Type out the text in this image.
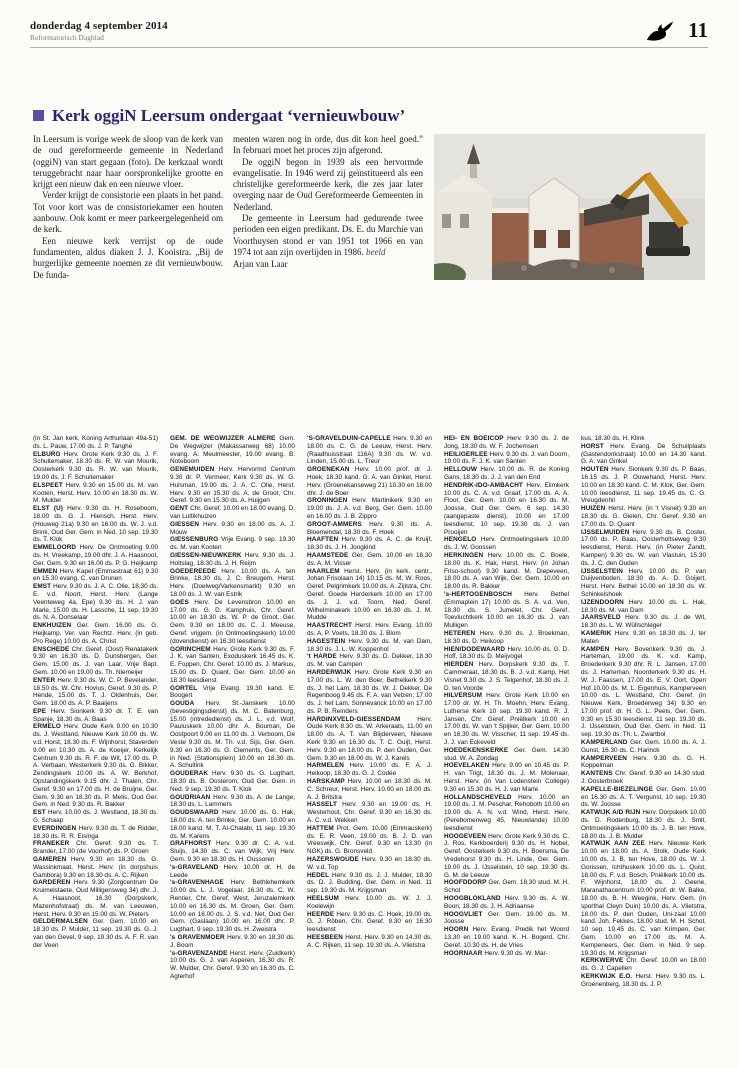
donderdag 4 september 2014
Reformatorisch Dagblad	11
Kerk oggiN Leersum ondergaat ‘vernieuwbouw’

In Leersum is vorige week de sloop van de kerk van de oud gereformeerde gemeente in Nederland (oggiN) van start gegaan (foto). De kerkzaal wordt teruggebracht naar haar oorspronkelijke grootte en krijgt een nieuw dak en een nieuwe vloer.

Verder krijgt de consistorie een plaats in het pand. Tot voor kort was de consistoriekamer een houten aanbouw. Ook komt er meer parkeergelegenheid om de kerk.

Een nieuwe kerk verrijst op de oude fundamenten, aldus diaken J. J. Kooistra. „Bij de burgerlijke gemeente noemen ze dit vernieuwbouw. De funda-

menten waren nog in orde, dus dit kon heel goed.” In februari moet het proces zijn afgerond.

De oggiN begon in 1939 als een hervormde evangelisatie. In 1946 werd zij geïnstitueerd als een christelijke gereformeerde kerk, die zes jaar later overging naar de Oud Gereformeerde Gemeenten in Nederland.

De gemeente in Leersum had gedurende twee perioden een eigen predikant. Ds. E. du Marchie van Voorthuysen stond er van 1951 tot 1966 en van 1974 tot aan zijn overlijden in 1986. beeld

Arjan van Laar
(in St. Jan kerk, Koning Arthurlaan 49a-51) ds. L. Pauw, 17.00 ds. J. P. Tanghé
ELBURG Herv. Grote Kerk 9.30 ds. J. F. Schuitemaker, 18.30 ds. R. W. van Mourik, Oosterkerk 9.30 ds. R. W. van Mourik, 19.00 ds. J. F. Schuitemaker
ELSPEET Herv. 9.30 en 15.00 ds. M. van Kooten, Herst. Herv. 10.00 en 18.30 ds. W. M. Mulder
ELST (U) Herv. 9.30 ds. H. Roseboom, 18.00 ds. G. J. Hiensch, Herst. Herv. (Houweg 21a) 9.30 en 16.00 ds. W. J. v.d. Brink, Oud Ger. Gem. in Ned. 10 sep. 19.30 ds. T. Klok
EMMELOORD Herv. De Ontmoeting 9.00 ds. H. Vreekamp, 19.00 dhr. J. A. Haasnoot, Ger. Gem. 9.30 en 16.00 ds. P. G. Heijkamp
EMMEN Herv. Kapel (Emmastraat 61) 9.30 en 15.30 evang. C. van Drunen
EMST Herv. 9.30 ds. J. A. C. Olie, 18.30 ds. E. v.d. Noort, Herst. Herv. (Lange Veenteweg 4a, Epe) 9.30 ds. H. J. van Marle, 15.00 ds. H. Lassche, 11 sep. 19.30 ds. N. A. Donselaar
ENKHUIZEN Ger. Gem. 16.00 ds. G. Heijkamp, Ver. van Rechtz. Herv. (in geb. Pro Rege) 10.00 ds. A. Christ
ENSCHEDE Chr. Geref. (Oost) Renatakerk 9.30 en 16.30 ds. D. Dunsbergen, Ger. Gem. 15.00 ds. J. van Laar, Vrije Bapt. Gem. 10.00 en 19.00 ds. Th. Niemeijer
ENTER Herv. 9.30 ds. W. C. P. Bevelander, 18.50 ds. W. Chr. Hovius, Geref. 9.30 ds. P. Hende, 15.00 ds. T. J. Oldenhuis, Ger. Gem. 18.00 ds. A. P. Baaijens
EPE Herv. Sionkerk 9.30 dr. T. E. van Spanje, 18.30 ds. A. Baas
ERMELO Herv. Oude Kerk 9.00 en 10.30 ds. J. Westland, Nieuwe Kerk 10.00 ds. W. v.d. Horst, 18.30 ds. F. Wijnhorst, Staverden 9.00 en 10.30 ds. A. de Koeijer, Kerkelijk Centrum 9.30 ds. R. F. de Wit, 17.00 ds. P. A. Verbaan, Westerkerk 9.30 ds. G. Bikker, Zendingskerk 10.00 ds. A. W. Berkhof, Opstandingskerk 9.15 dhr. J. Thalen, Chr. Geref. 9.30 en 17.00 ds. H. de Bruijne, Ger. Gem. 9.30 en 18.30 ds. P. Melis, Oud Ger. Gem. in Ned. 9.30 ds. R. Bakker
EST Herv. 10.00 ds. J. Westland, 18.30 ds. G. Schaap
EVERDINGEN Herv. 9.30 ds. T. de Ridder, 18.30 ds. R. R. Eisinga
FRANEKER Chr. Geref. 9.30 ds. T. Brander, 17.00 (de Voorhof) ds. P. Groen
GAMEREN Herv. 9.30 en 18.30 ds. G. Wassinkmaat, Herst. Herv. (in dorpshuis Gambora) 9.30 en 18.30 ds. A. C. Rijken
GARDEREN Herv. 9.30 (Zorgcentrum De Kruimelstaete, Oud Milligensweg 34) dhr. J. A. Haasnoot, 16.30 (Dorpskerk, Mazenhofstraat) ds. M. van Leeuwen, Herst. Herv. 9.30 en 15.00 ds. W. Pieters
GELDERMALSEN Ger. Gem. 10.00 en 18.30 ds. P. Mulder, 11 sep. 19.30 ds. G. J. van den Gevel, 9 sep. 19.30 ds. A. F. R. van der Veen
GEM. DE WEGWIJZER ALMERE Gem. De Wegwijzer (Makassarweg 68) 10.00 evang. A. Meulmeester, 19.00 evang. B. Noteboom
GENEMUIDEN Herv. Hervormd Centrum 9.30 dr. P. Vermeer, Kerk 9.30 ds. W. G. Hulsman, 19.00 ds. J. A. C. Olie, Herst. Herv. 9.30 en 15.30 ds. A. de Groot, Chr. Geref. 9.30 en 15.30 ds. A. Huijgen
GENT Chr. Geref. 10.00 en 18.00 evang. D. van Luttikhuizen
GIESSEN Herv. 9.30 en 18.00 ds. A. J. Mouw
GIESSENBURG Vrije Evang. 9 sep. 19.30 ds. M. van Kooten
GIESSEN-NIEUWKERK Herv. 9.30 ds. J. Holtslag, 18.30 ds. J. H. Reijm
GOEDEREEDE Herv. 10.00 ds. A. ten Brinke, 18.30 ds. J. C. Breugem, Herst. Herv. (Doelweg/Varkensmarkt) 9.30 en 18.00 ds. J. W. van Estrik
GOES Herv. De Levensbron 10.00 en 17.00 ds. G. D. Kamphuis, Chr. Geref. 10.00 en 18.30 ds. W. P. de Groot, Ger. Gem. 9.30 en 18.00 ds. C. J. Meeuse, Geref. vrijgem. (in Ontmoetingskerk) 10.00 (dovendienst) en 16.30 leesdienst
GORINCHEM Herv. Grote Kerk 9.30 ds. F. J. K. van Santen, Exoduskerk 16.45 ds. K. E. Foppen, Chr. Geref. 10.00 ds. J. Markus, 15.00 ds. D. Quant, Ger. Gem. 10.00 en 18.30 leesdienst
GORTEL Vrije Evang. 19.30 kand. E. Boogert
GOUDA Herv. St.-Janskerk 10.00 (bevestigingsdienst) ds. M. C. Batenburg, 15.00 (intrededienst) ds. J. L. v.d. Wolf, Pauluskerk 10.00 dhr. A. Bouman, De Oostpoort 9.00 en 11.00 ds. J. Verboom, De Veste 9.30 ds. M. Th. v.d. Sijs, Ger. Gem. 9.30 en 16.30 ds. G. Clements, Ger. Gem. in Ned. (Stationsplein) 10.00 en 18.30 ds. A. Schultink
GOUDERAK Herv. 9.30 ds. G. Lugthart, 18.30 ds. B. Oosterom, Oud Ger. Gem. in Ned. 9 sep. 19.30 ds. T. Klok
GOUDRIAAN Herv. 9.30 ds. A. de Lange, 18.30 ds. L. Lammers
GOUDSWAARD Herv. 10.00 ds. G. Hak, 18.00 ds. A. ten Brinke, Ger. Gem. 10.00 en 18.00 kand. M. T. Al-Chalabi, 11 sep. 19.30 ds. M. Karens
GRAFHORST Herv. 9.30 dr. C. A. v.d. Sluijs, 14.30 ds. C. van Wijk, Vrij Herv. Gem. 9.30 en 18.30 ds. H. Oussoren
's-GRAVELAND Herv. 10.00 dr. H. de Leede
's-GRAVENHAGE Herv. Bethlehemkerk 10.00 ds. L. J. Vogelaar, 16.30 ds. C. W. Rentier, Chr. Geref. West, Jeruzalemkerk 10.00 en 16.30 ds. M. Groen, Ger. Gem. 10.00 en 16.00 ds. J. S. v.d. Net, Oud Ger. Gem. (Gaslaan) 10.00 en 16.00 dhr. P. Lugthart, 9 sep. 19.30 ds. H. Zweistra
's GRAVENMOER Herv. 9.30 en 18.30 ds. J. Boom
's-GRAVENZANDE Herst. Herv. (Zuidkerk) 10.00 ds. G. J. van Asperen, 16.30 ds. R. W. Mulder, Chr. Geref. 9.30 en 16.30 ds. C. Agterhof
'S-GRAVELDUIN-CAPELLE Herv. 9.30 en 18.00 ds. C. G. de Leeuw, Herst. Herv. (Raadhuisstraat 116A) 9.30 ds. W. v.d. Linden, 15.00 ds. L. Treur
GROENEKAN Herv. 10.00 prof. dr. J. Hoek, 18.30 kand. G. A. van Ginkel, Herst. Herv. (Groenekanseweg 21) 10.30 en 18.00 dhr. J. de Boer
GRONINGEN Herv. Martinikerk 9.30 en 19.00 ds. J. A. v.d. Berg, Ger. Gem. 10.00 en 16.00 ds. J. B. Zippro
GROOT-AMMERS Herv. 9.30 ds. A. Bloemendal, 18.30 ds. F. Hoek
HAAFTEN Herv. 9.30 ds. A. C. de Kruijf, 18.30 ds. J. H. Jongkind
HAAMSTEDE Ger. Gem. 10.00 en 18.30 ds. A. M. Visser
HAARLEM Herst. Herv. (in kerk. centr., Johan Frisolaan 14) 10.15 ds. M. W. Roos, Geref. Pelgrimkerk 10.00 ds. A. Zijlstra, Chr. Geref. Goede Herderkerk 10.00 en 17.00 ds. J. J. v.d. Toorn, Ned. Geref. Wilhelminakerk 10.00 en 16.30 ds. J. M. Mudde
HAASTRECHT Herst. Herv. Evang. 10.00 ds. A. P. Voets, 18.30 ds. J. Blom
HAGESTEIN Herv. 9.30 ds. M. van Dam, 18.30 ds. J. L. W. Koppenhol
't HARDE Herv. 9.30 ds. D. Dekker, 18.30 ds. M. van Campen
HARDERWIJK Herv. Grote Kerk 9.30 en 17.00 ds. L. W. den Boer, Bethelkerk 9.30 ds. J. het Lam, 18.30 ds. W. J. Dekker, De Regenboog 9.45 ds. F. A. van Velzen, 17.00 ds. J. het Lam, Sonnevanck 10.00 en 17.00 ds. P. B. Reinders
HARDINXVELD-GIESSENDAM Herv. Oude Kerk 8.30 ds. W. Arkeraats, 11.00 en 18.00 ds. A. T. van Blijderveen, Nieuwe Kerk 9.30 en 16.30 ds. T. C. Guijt, Herst. Herv. 9.30 en 18.00 ds. P. den Ouden, Ger. Gem. 9.30 en 18.00 ds. W. J. Karels
HARMELEN Herv. 10.00 ds. F. A. J. Heikoop, 18.30 ds. G. J. Codée
HARSKAMP Herv. 10.00 en 18.30 ds. M. C. Schreur, Herst. Herv. 10.00 en 18.00 ds. A. J. Britstra
HASSELT Herv. 9.30 en 19.00 ds. H. Westerhout, Chr. Geref. 9.30 en 16.30 ds. A. C. v.d. Wekken
HATTEM Prot. Gem. 10.00 (Emmauskerk) ds. E. R. Veen, 19.00 ds. B. J. D. van Vreeswijk, Chr. Geref. 9.30 en 13.30 (in NGK) ds. G. Bronsveld
HAZERSWOUDE Herv. 9.30 en 18.30 ds. W. v.d. Top
HEDEL Herv. 9.30 ds. J. J. Mulder, 18.30 ds. D. J. Budding, Ger. Gem. in Ned. 11 sep. 19.30 ds. M. Krijgsman
HEELSUM Herv. 10.00 ds. W. J. J. Koelewijn
HEERDE Herv. 9.30 ds. C. Hoek, 19.00 ds. G. J. Röben, Chr. Geref. 9.30 en 16.30 leesdienst
HEESBEEN Herst. Herv. 9.30 en 14.30 ds. A. C. Rijken, 11 sep. 19.30 ds. A. Vlietstra
HEI- EN BOEICOP Herv. 9.30 ds. J. de Jong, 18.30 ds. W. F. Jochemsen
HEILIGERLEE Herv. 9.30 ds. J. van Doorn, 19.00 ds. F. J. K. van Santen
HELLOUW Herv. 10.00 ds. R. de Koning Gans, 18.30 ds. J. J. van den End
HENDRIK-IDO-AMBACHT Herv. Elimkerk 10.00 ds. C. A. v.d. Graaf, 17.00 ds. A. A. Floor, Ger. Gem. 10.00 en 16.30 ds. M. Joosse, Oud Ger. Gem. 6 sep. 14.30 (aangepaste dienst), 10.00 en 17.00 leesdienst, 10 sep. 19.30 ds. J. van Prooijen
HENGELO Herv. Ontmoetingskerk 10.00 ds. J. W. Goossen
HERKINGEN Herv. 10.00 ds. C. Boele, 18.00 ds. K. Hak, Herst. Herv. (in Johan Friso-school) 9.30 kand. M. Diepeveen, 18.00 ds. A. van Wijk, Ger. Gem. 10.00 en 18.00 ds. R. Bakker
's-HERTOGENBOSCH Herv. Bethel (Emmaplein 17) 10.00 ds. S. A. v.d. Ven, 18.30 ds. S. Jumelet, Chr. Geref. Toevluchtkerk 10.00 en 16.30 ds. J. van Mulligen
HETEREN Herv. 9.30 ds. J. Broekman, 18.30 ds. D. Heikoop
HIEN/DODEWAARD Herv. 10.00 ds. G. D. Hoff, 18.30 ds. D. Meijvogel
HIERDEN Herv. Dorpskerk 9.30 ds. T. Cammeraat, 18.30 ds. B. J. v.d. Kamp, Het Visnet 9.30 ds. J. S. Telgenhof, 18.30 ds. J. D. ten Voorde
HILVERSUM Herv. Grote Kerk 10.00 en 17.00 dr. W. H. Th. Moehn, Herv. Evang. Lutherse Kerk 10 sep. 19.30 kand. R. J. Jansen, Chr. Geref. Pniëlkerk 10.00 en 17.00 ds. W. van 't Spijker, Ger. Gem. 10.00 en 16.30 ds. W. Visscher, 11 sep. 19.45 ds. J. J. van Eckeveld
HOEDEKENSKERKE Ger. Gem. 14.30 stud. W. A. Zondag
HOEVELAKEN Herv. 9.00 en 10.45 ds. P. H. van Trigt, 18.30 ds. J. M. Molenaar, Herst. Herv. (in Van Lodenstein College) 9.30 en 15.30 ds. H. J. van Marle
HOLLANDSCHEVELD Herv. 10.00 en 19.00 ds. J. M. Peschar, Rehoboth 10.00 en 19.00 ds. A. N. v.d. Wind, Herst. Herv. (Perebomenweg 45, Nieuwlande) 10.00 leesdienst
HOOGEVEEN Herv. Grote Kerk 9.30 ds. C. J. Ros, Kerkboerderij 9.30 ds. H. Nobel, Geref. Oosterkerk 9.30 ds. H. Boersma, De Vredehorst 9.30 ds. H. Linde, Ger. Gem. 19.00 ds. J. IJsselstein, 10 sep. 19.30 ds. G. M. de Leeuw
HOOFDDORP Ger. Gem. 18.30 stud. M. H. Schot
HOOGBLOKLAND Herv. 9.30 ds. A. W. Boon, 18.30 ds. J. H. Adriaanse
HOOGVLIET Ger. Gem. 19.00 ds. M. Joosse
HOORN Herv. Evang. Predik het Woord 13.30 en 19.00 kand. K. H. Bogerd, Chr. Geref. 10.30 ds. H. de Vries
HOORNAAR Herv. 9.30 ds. W. Mar-
kus, 18.30 ds. H. Klink
HORST Herv. Evang. De Schuilplaats (Gastendonkstraat) 10.00 en 14.30 kand. G. A. van Ginkel
HOUTEN Herv. Sionkerk 9.30 ds. P. Baas, 16.15 ds. J. P. Ouwehand, Herst. Herv. 10.00 en 18.30 kand. C. M. Klok, Ger. Gem. 10.00 leesdienst, 11 sep. 19.45 ds. C. G. Vreugdenhil
HUIZEN Herst. Herv. (in 't Visnet) 9.30 en 18.30 ds. G. Gielen, Chr. Geref. 9.30 en 17.00 ds. D. Quant
IJSSELMUIDEN Herv. 9.30 ds. B. Coster, 17.00 ds. P. Baas, Oosterholtseweg 9.30 leesdienst, Herst. Herv. (in Pieter Zandt, Kampen) 9.30 ds. W. van Vlastuin, 15.30 ds. J. C. den Ouden
IJSSELSTEIN Herv. 10.00 ds. P. van Duijvenboden, 18.30 ds. A. D. Goijert, Herst. Herv. Bethel 10.00 en 18.30 ds. W. Schinkelshoek
IJZENDOORN Herv. 10.00 ds. L. Hak, 18.30 ds. M. van Dam
JAARSVELD Herv. 9.30 ds. J. de Wit, 18.30 ds. L. W. Wüllschleger
KAMERIK Herv. 9.30 en 18.30 ds. J. ter Maten
KAMPEN Herv. Bovenkerk 9.30 ds. J. Harteman, 19.00 ds. K. v.d. Kamp, Broederkerk 9.30 dhr. R. L. Jansen, 17.00 ds. J. Harteman, Noorderkerk 9.30 ds. H. W. J. Faassen, 17.00 ds. E. V. Oort, Open Hof 10.00 ds. M. L. Eigenhuis, Kamperveen 10.00 ds. L. Westland, Chr. Geref. (in Nieuwe Kerk, Broederweg 34) 9.30 en 17.00 prof. dr. H. G. L. Peels, Ger. Gem. 9.30 en 15.30 leesdienst, 11 sep. 19.30 ds. J. IJsselstein, Oud Ger. Gem. in Ned. 11 sep. 19.30 ds. Th. L. Zwartbol
KAMPERLAND Ger. Gem. 10.00 ds. A. J. Gunst, 16.30 ds. C. Harinck
KAMPERVEEN Herv. 9.30 ds. G. H. Koppelman
KANTENS Chr. Geref. 9.30 en 14.30 stud. J. Oosterbroek
KAPELLE-BIEZELINGE Ger. Gem. 10.00 en 16.30 ds. A. T. Vergunst, 10 sep. 19.30 ds. W. Joosse
KATWIJK A/D RIJN Herv. Dorpskerk 10.00 ds. D. Rodenburg, 18.30 ds. J. Smit, Ontmoetingskerk 10.00 ds. J. B. ten Hove, 18.00 ds. J. B. Mulder
KATWIJK AAN ZEE Herv. Nieuwe Kerk 10.00 en 18.00 ds. A. Stolk, Oude Kerk 10.00 ds. J. B. ten Hove, 18.00 ds. W. J. Gorissen, Ichthuskerk 10.00 ds. L. Quist, 18.00 ds. F. v.d. Bosch, Pniëlkerk 10.00 ds. F. Wijnhorst, 18.00 ds. J. Geene, Maranathacentrum 10.00 prof. dr. W. Balke, 18.00 ds. B. H. Weegink, Herv. Gem. (in sporthal Cleyn Duin) 10.00 ds. A. Vlietstra, 18.00 ds. P. den Ouden, Uni-zaal 10.00 kand. Joh. Fekkes, 18.00 stud. M. H. Schot, 10 sep. 19.45 ds. C. van Krimpen, Ger. Gem. 10.00 en 17.00 ds. M. A. Kempeneers, Ger. Gem. in Ned. 9 sep. 19.30 ds. M. Krijgsman
KERKWERVE Chr. Geref. 10.00 en 18.00 ds. G. J. Capellen
KERKWIJK E.O. Herst. Herv. 9.30 ds. L. Groenenberg, 18.30 ds. J. P.
